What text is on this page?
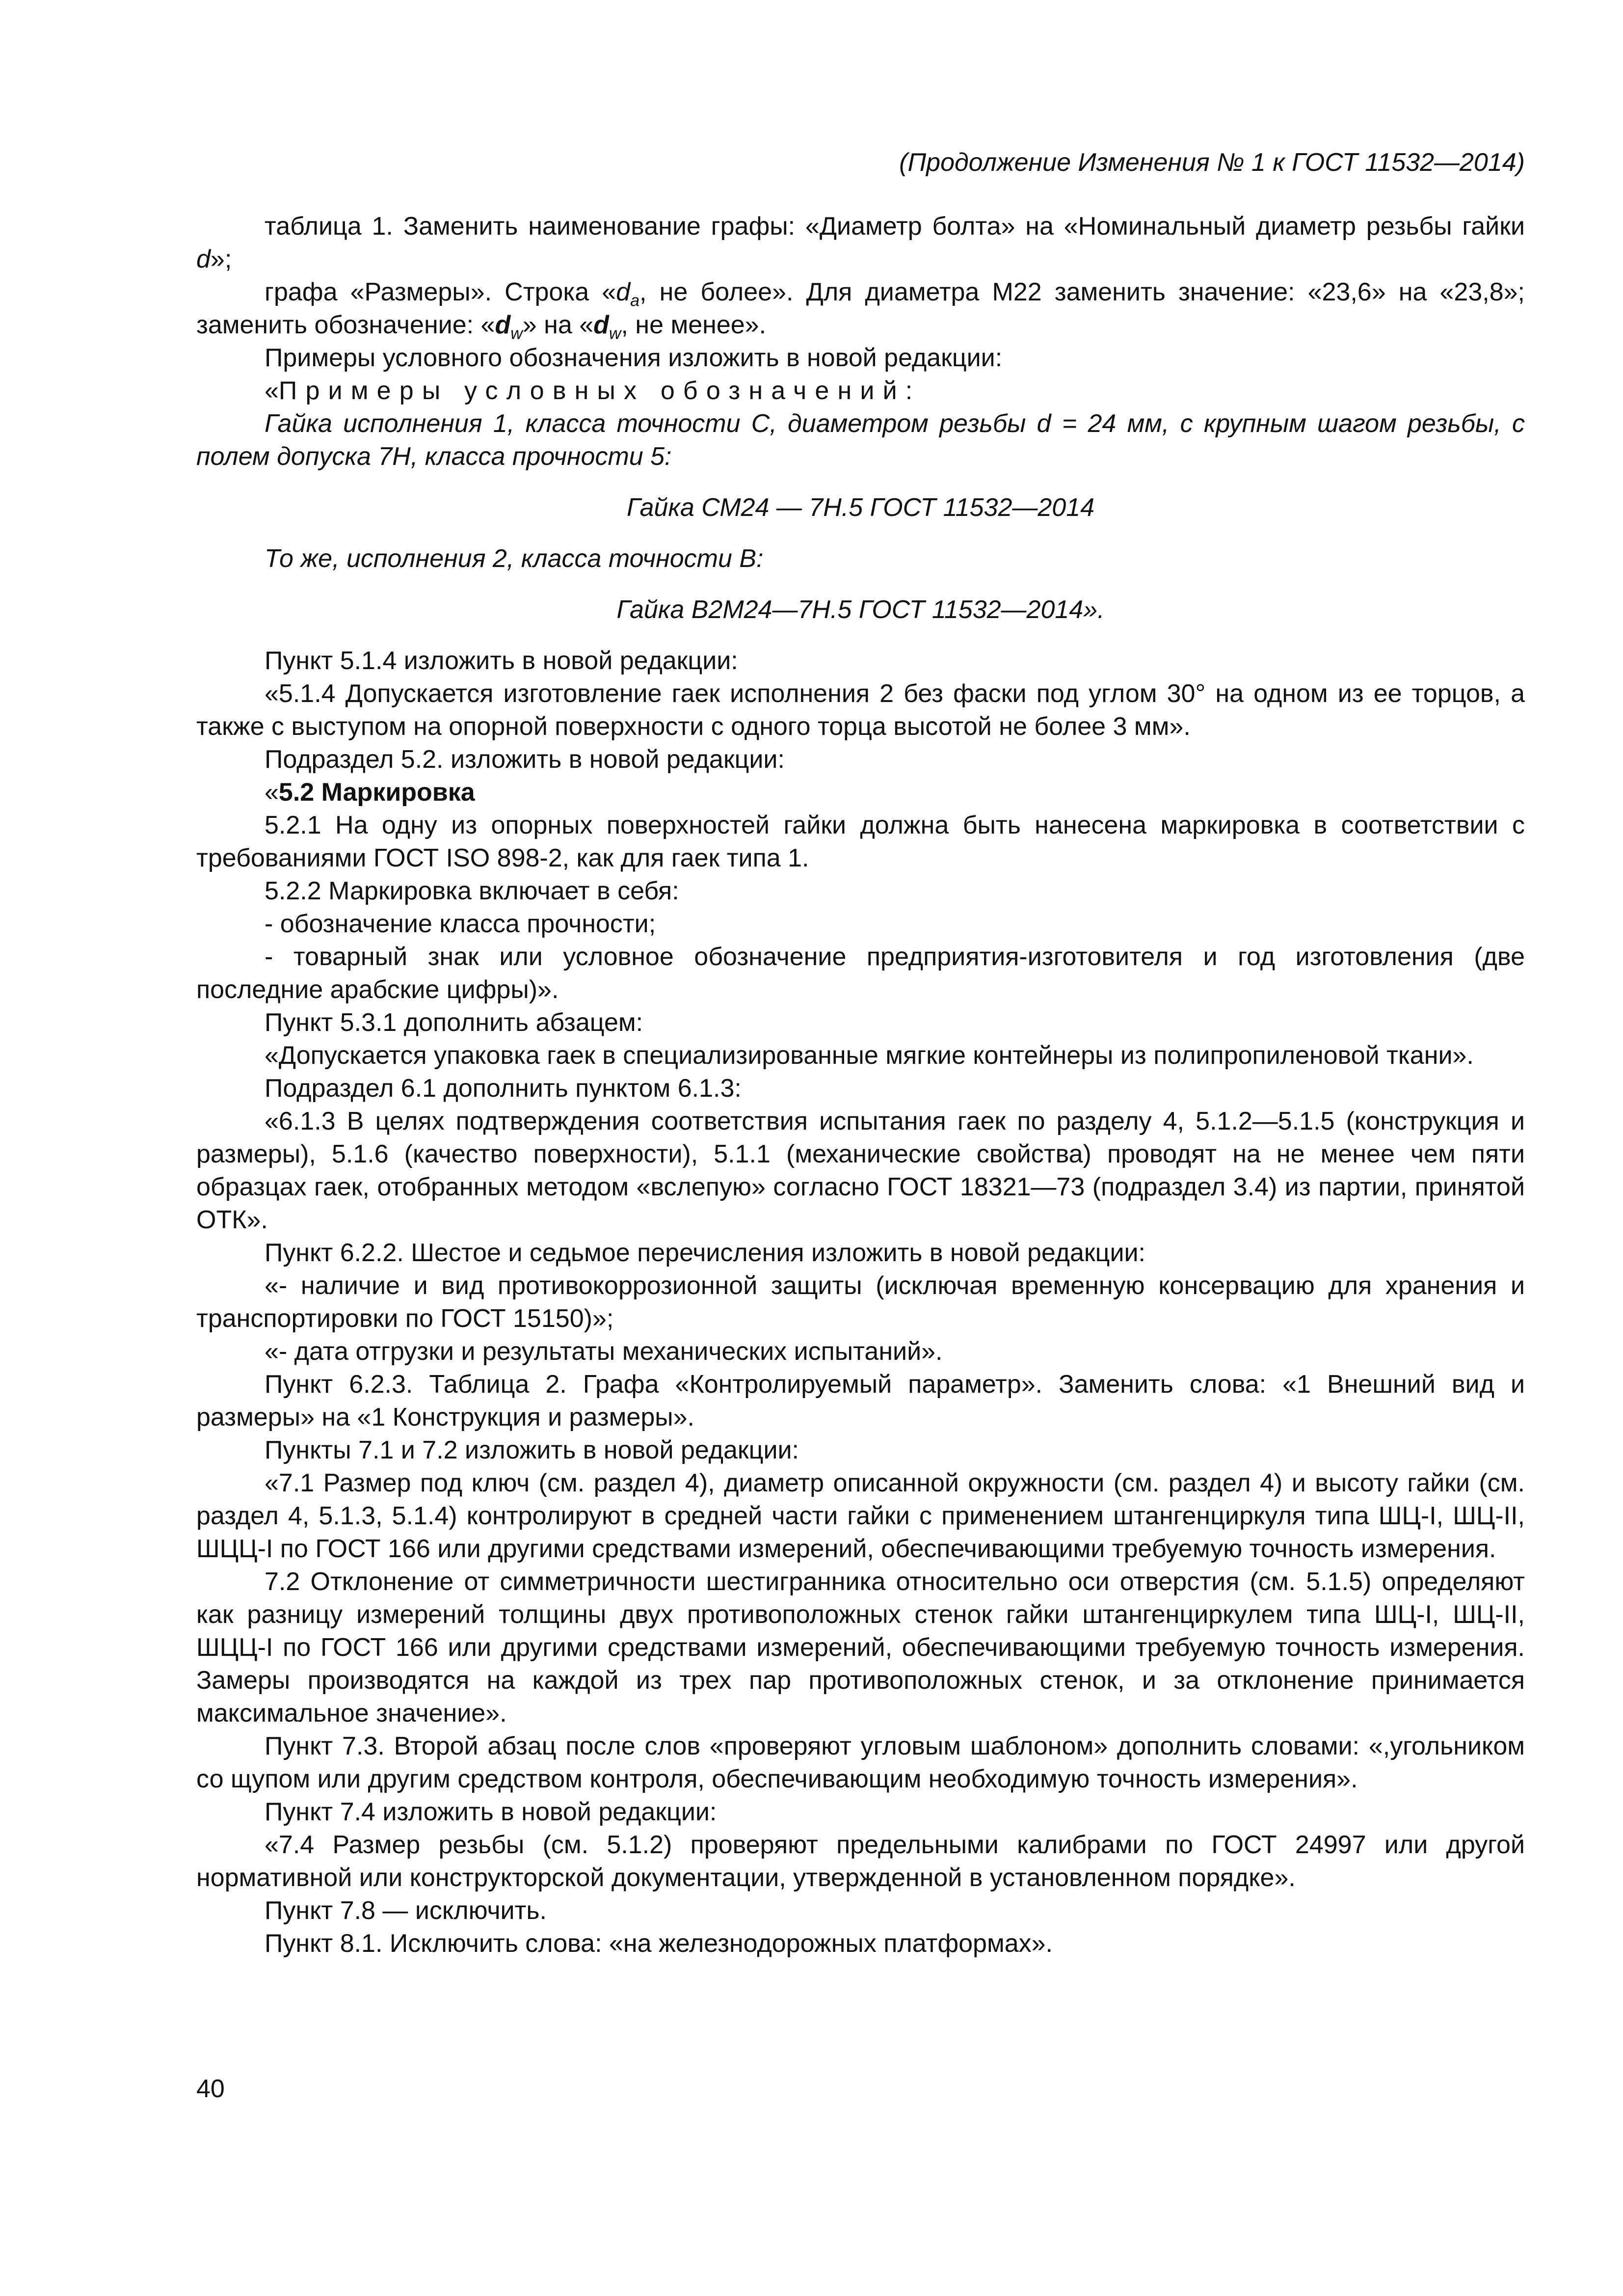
(Продолжение Изменения № 1 к ГОСТ 11532—2014)

таблица 1. Заменить наименование графы: «Диаметр болта» на «Номинальный диаметр резьбы гайки d»;

графа «Размеры». Строка «$d_a$, не более». Для диаметра М22 заменить значение: «23,6» на «23,8»; заменить обозначение: «$d_w$» на «$d_w$, не менее».

Примеры условного обозначения изложить в новой редакции:

«Примеры условных обозначений:

Гайка исполнения 1, класса точности С, диаметром резьбы d = 24 мм, с крупным шагом резьбы, с полем допуска 7H, класса прочности 5:

Гайка СМ24 — 7Н.5 ГОСТ 11532—2014

То же, исполнения 2, класса точности В:

Гайка В2М24—7Н.5 ГОСТ 11532—2014».

Пункт 5.1.4 изложить в новой редакции:

«5.1.4 Допускается изготовление гаек исполнения 2 без фаски под углом 30° на одном из ее торцов, а также с выступом на опорной поверхности с одного торца высотой не более 3 мм».

Подраздел 5.2. изложить в новой редакции:

«5.2 Маркировка

5.2.1 На одну из опорных поверхностей гайки должна быть нанесена маркировка в соответствии с требованиями ГОСТ ISO 898-2, как для гаек типа 1.

5.2.2 Маркировка включает в себя:

- обозначение класса прочности;

- товарный знак или условное обозначение предприятия-изготовителя и год изготовления (две последние арабские цифры)».

Пункт 5.3.1 дополнить абзацем:

«Допускается упаковка гаек в специализированные мягкие контейнеры из полипропиленовой ткани».

Подраздел 6.1 дополнить пунктом 6.1.3:

«6.1.3 В целях подтверждения соответствия испытания гаек по разделу 4, 5.1.2—5.1.5 (конструкция и размеры), 5.1.6 (качество поверхности), 5.1.1 (механические свойства) проводят на не менее чем пяти образцах гаек, отобранных методом «вслепую» согласно ГОСТ 18321—73 (подраздел 3.4) из партии, принятой ОТК».

Пункт 6.2.2. Шестое и седьмое перечисления изложить в новой редакции:

«- наличие и вид противокоррозионной защиты (исключая временную консервацию для хранения и транспортировки по ГОСТ 15150)»;

«- дата отгрузки и результаты механических испытаний».

Пункт 6.2.3. Таблица 2. Графа «Контролируемый параметр». Заменить слова: «1 Внешний вид и размеры» на «1 Конструкция и размеры».

Пункты 7.1 и 7.2 изложить в новой редакции:

«7.1 Размер под ключ (см. раздел 4), диаметр описанной окружности (см. раздел 4) и высоту гайки (см. раздел 4, 5.1.3, 5.1.4) контролируют в средней части гайки с применением штангенциркуля типа ШЦ-I, ШЦ-II, ШЦЦ-I по ГОСТ 166 или другими средствами измерений, обеспечивающими требуемую точность измерения.

7.2 Отклонение от симметричности шестигранника относительно оси отверстия (см. 5.1.5) определяют как разницу измерений толщины двух противоположных стенок гайки штангенциркулем типа ШЦ-I, ШЦ-II, ШЦЦ-I по ГОСТ 166 или другими средствами измерений, обеспечивающими требуемую точность измерения. Замеры производятся на каждой из трех пар противоположных стенок, и за отклонение принимается максимальное значение».

Пункт 7.3. Второй абзац после слов «проверяют угловым шаблоном» дополнить словами: «,угольником со щупом или другим средством контроля, обеспечивающим необходимую точность измерения».

Пункт 7.4 изложить в новой редакции:

«7.4 Размер резьбы (см. 5.1.2) проверяют предельными калибрами по ГОСТ 24997 или другой нормативной или конструкторской документации, утвержденной в установленном порядке».

Пункт 7.8 — исключить.

Пункт 8.1. Исключить слова: «на железнодорожных платформах».

40
